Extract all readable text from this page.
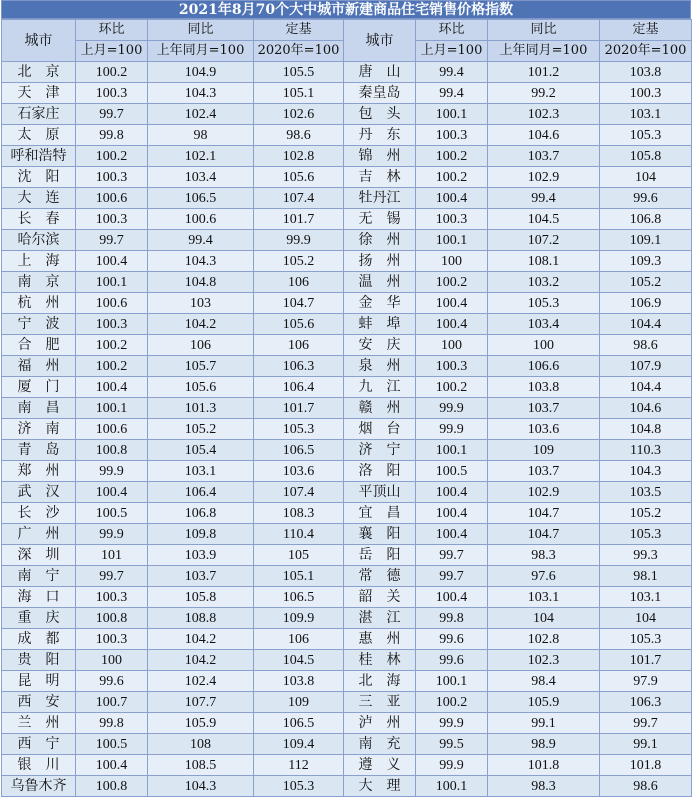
2021年8月70个大中城市新建商品住宅销售价格指数
城市	环比	同比	定基	城市	环比	同比	定基
	上月=100	上年同月=100	2020年=100		上月=100	上年同月=100	2020年=100
北　京	100.2	104.9	105.5	唐　山	99.4	101.2	103.8
天　津	100.3	104.3	105.1	秦皇岛	99.4	99.2	100.3
石家庄	99.7	102.4	102.6	包　头	100.1	102.3	103.1
太　原	99.8	98	98.6	丹　东	100.3	104.6	105.3
呼和浩特	100.2	102.1	102.8	锦　州	100.2	103.7	105.8
沈　阳	100.3	103.4	105.6	吉　林	100.2	102.9	104
大　连	100.6	106.5	107.4	牡丹江	100.4	99.4	99.6
长　春	100.3	100.6	101.7	无　锡	100.3	104.5	106.8
哈尔滨	99.7	99.4	99.9	徐　州	100.1	107.2	109.1
上　海	100.4	104.3	105.2	扬　州	100	108.1	109.3
南　京	100.1	104.8	106	温　州	100.2	103.2	105.2
杭　州	100.6	103	104.7	金　华	100.4	105.3	106.9
宁　波	100.3	104.2	105.6	蚌　埠	100.4	103.4	104.4
合　肥	100.2	106	106	安　庆	100	100	98.6
福　州	100.2	105.7	106.3	泉　州	100.3	106.6	107.9
厦　门	100.4	105.6	106.4	九　江	100.2	103.8	104.4
南　昌	100.1	101.3	101.7	赣　州	99.9	103.7	104.6
济　南	100.6	105.2	105.3	烟　台	99.9	103.6	104.8
青　岛	100.8	105.4	106.5	济　宁	100.1	109	110.3
郑　州	99.9	103.1	103.6	洛　阳	100.5	103.7	104.3
武　汉	100.4	106.4	107.4	平顶山	100.4	102.9	103.5
长　沙	100.5	106.8	108.3	宜　昌	100.4	104.7	105.2
广　州	99.9	109.8	110.4	襄　阳	100.4	104.7	105.3
深　圳	101	103.9	105	岳　阳	99.7	98.3	99.3
南　宁	99.7	103.7	105.1	常　德	99.7	97.6	98.1
海　口	100.3	105.8	106.5	韶　关	100.4	103.1	103.1
重　庆	100.8	108.8	109.9	湛　江	99.8	104	104
成　都	100.3	104.2	106	惠　州	99.6	102.8	105.3
贵　阳	100	104.2	104.5	桂　林	99.6	102.3	101.7
昆　明	99.6	102.4	103.8	北　海	100.1	98.4	97.9
西　安	100.7	107.7	109	三　亚	100.2	105.9	106.3
兰　州	99.8	105.9	106.5	泸　州	99.9	99.1	99.7
西　宁	100.5	108	109.4	南　充	99.5	98.9	99.1
银　川	100.4	108.5	112	遵　义	99.9	101.8	101.8
乌鲁木齐	100.8	104.3	105.3	大　理	100.1	98.3	98.6
